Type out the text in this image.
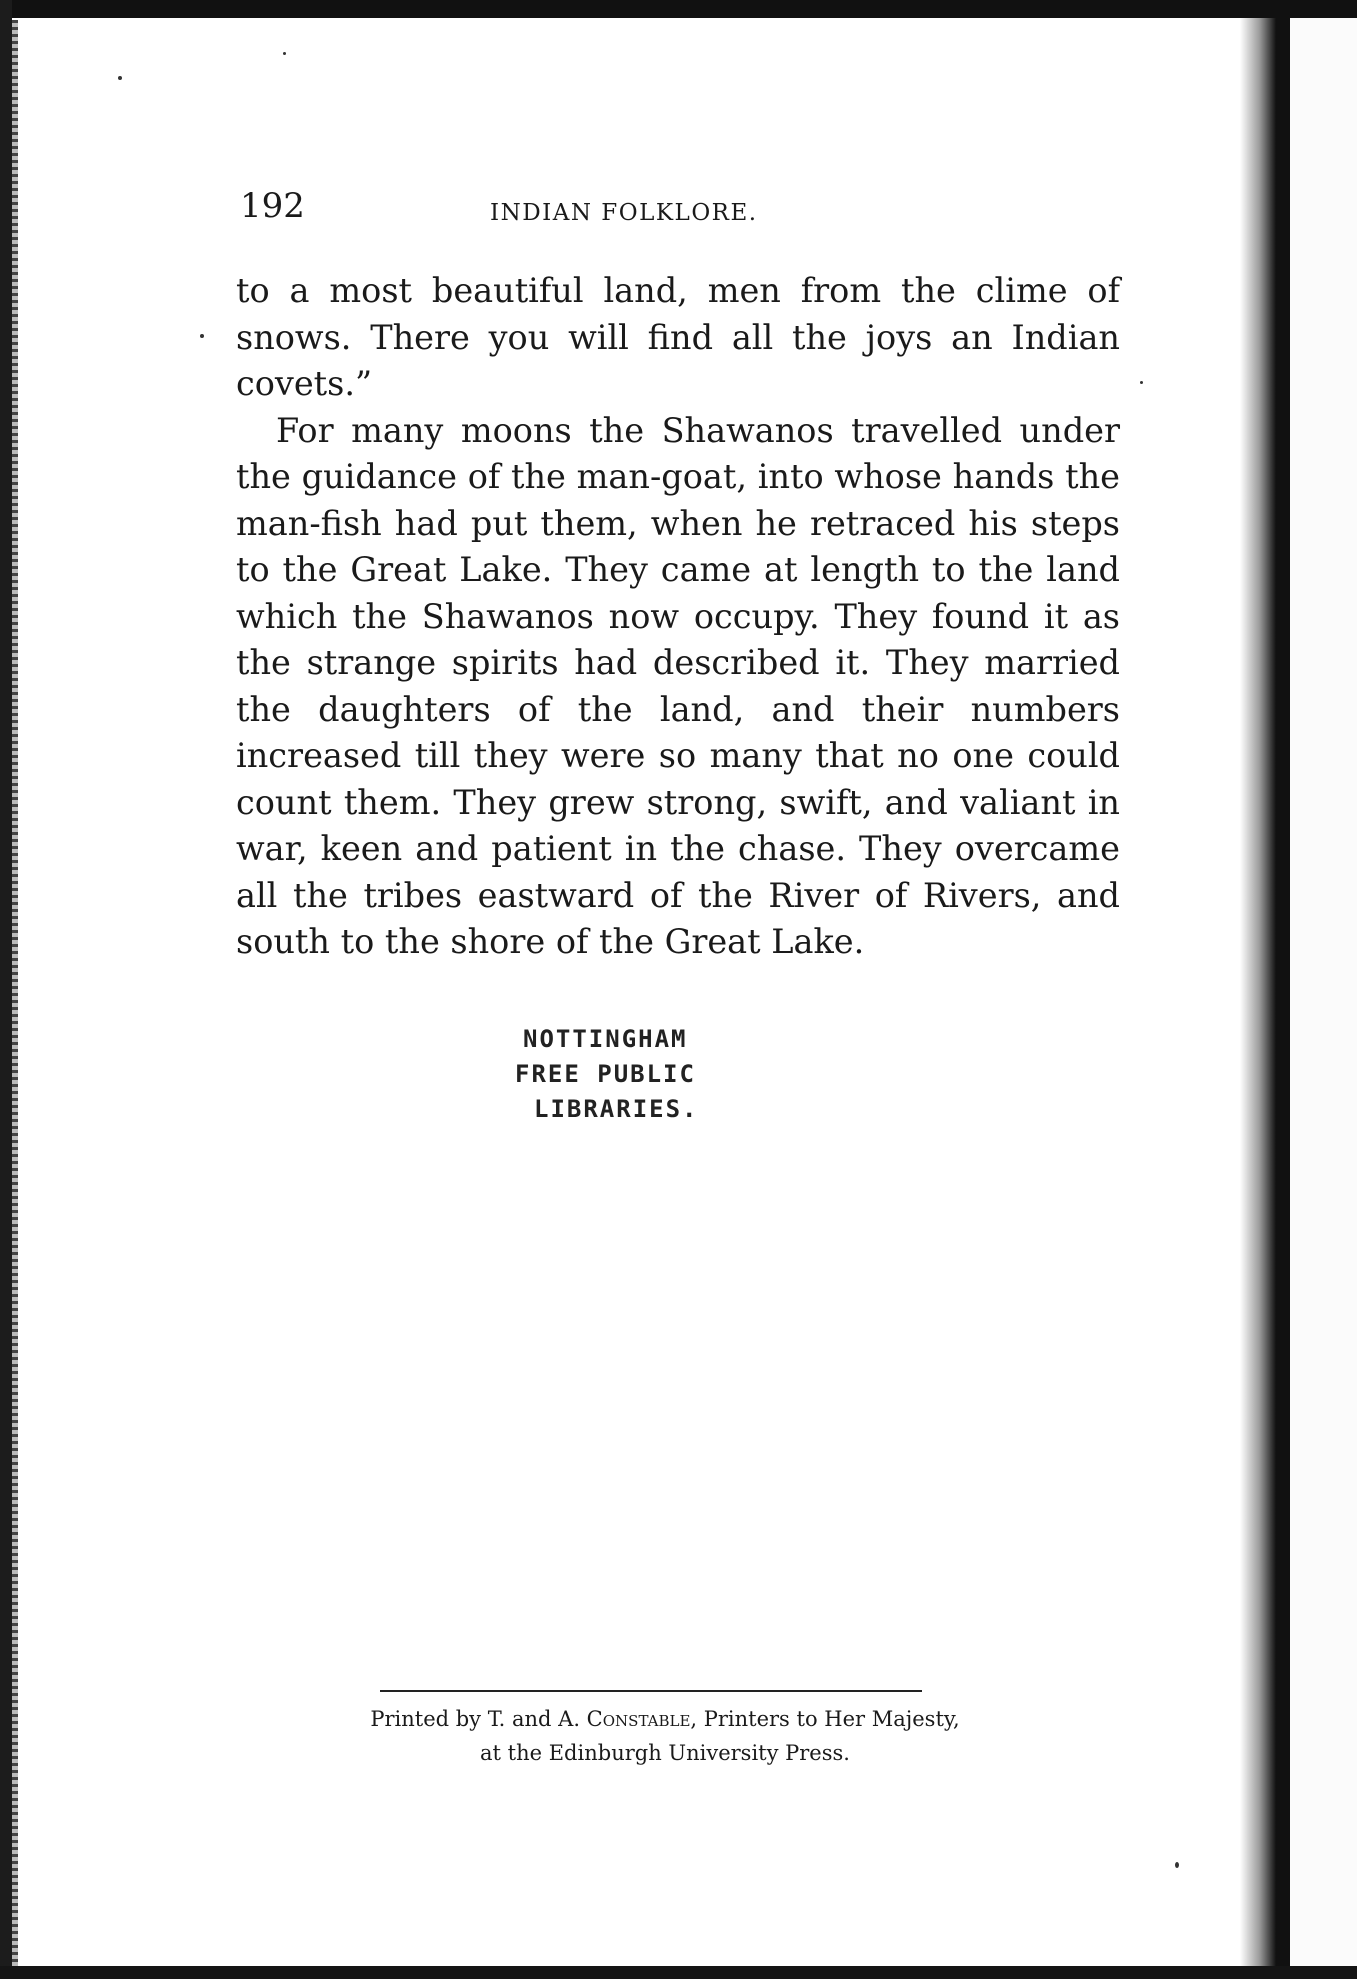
192	INDIAN FOLKLORE.

to a most beautiful land, men from the clime of snows. There you will find all the joys an Indian covets.”

For many moons the Shawanos travelled under the guidance of the man-goat, into whose hands the man-fish had put them, when he retraced his steps to the Great Lake. They came at length to the land which the Shawanos now occupy. They found it as the strange spirits had described it. They married the daughters of the land, and their numbers increased till they were so many that no one could count them. They grew strong, swift, and valiant in war, keen and patient in the chase. They overcame all the tribes eastward of the River of Rivers, and south to the shore of the Great Lake.

NOTTINGHAM
FREE PUBLIC
LIBRARIES.
Printed by T. and A. Constable, Printers to Her Majesty,
at the Edinburgh University Press.
